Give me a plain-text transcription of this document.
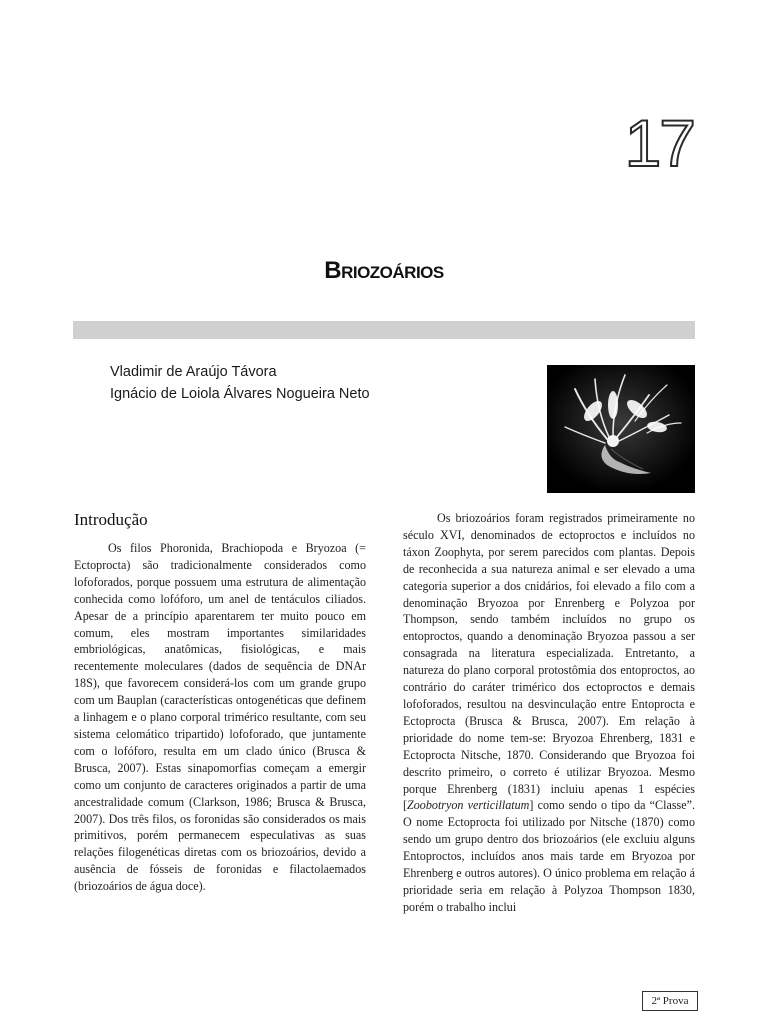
17
Briozoários
Vladimir de Araújo Távora
Ignácio de Loiola Álvares Nogueira Neto
Introdução

Os filos Phoronida, Brachiopoda e Bryozoa (= Ectoprocta) são tradicionalmente considerados como lofoforados, porque possuem uma estrutura de alimentação conhecida como lofóforo, um anel de tentáculos ciliados. Apesar de a princípio aparentarem ter muito pouco em comum, eles mostram importantes similaridades embriológicas, anatômicas, fisiológicas, e mais recentemente moleculares (dados de sequência de DNAr 18S), que favorecem considerá-los com um grande grupo com um Bauplan (características ontogenéticas que definem a linhagem e o plano corporal trimérico resultante, com seu sistema celomático tripartido) lofoforado, que juntamente com o lofóforo, resulta em um clado único (Brusca & Brusca, 2007). Estas sinapomorfias começam a emergir como um conjunto de caracteres originados a partir de uma ancestralidade comum (Clarkson, 1986; Brusca & Brusca, 2007). Dos três filos, os foronidas são considerados os mais primitivos, porém permanecem especulativas as suas relações filogenéticas diretas com os briozoários, devido a ausência de fósseis de foronidas e filactolaemados (briozoários de água doce).

Os briozoários foram registrados primeiramente no século XVI, denominados de ectoproctos e incluídos no táxon Zoophyta, por serem parecidos com plantas. Depois de reconhecida a sua natureza animal e ser elevado a uma categoria superior a dos cnidários, foi elevado a filo com a denominação Bryozoa por Enrenberg e Polyzoa por Thompson, sendo também incluídos no grupo os entoproctos, quando a denominação Bryozoa passou a ser consagrada na literatura especializada. Entretanto, a natureza do plano corporal protostômia dos entoproctos, ao contrário do caráter trimérico dos ectoproctos e demais lofoforados, resultou na desvinculação entre Entoprocta e Ectoprocta (Brusca & Brusca, 2007). Em relação à prioridade do nome tem-se: Bryozoa Ehrenberg, 1831 e Ectoprocta Nitsche, 1870. Considerando que Bryozoa foi descrito primeiro, o correto é utilizar Bryozoa. Mesmo porque Ehrenberg (1831) incluiu apenas 1 espécies [Zoobotryon verticillatum] como sendo o tipo da “Classe”. O nome Ectoprocta foi utilizado por Nitsche (1870) como sendo um grupo dentro dos briozoários (ele excluiu alguns Entoproctos, incluídos anos mais tarde em Bryozoa por Ehrenberg e outros autores). O único problema em relação á prioridade seria em relação à Polyzoa Thompson 1830, porém o trabalho inclui

2ª Prova
